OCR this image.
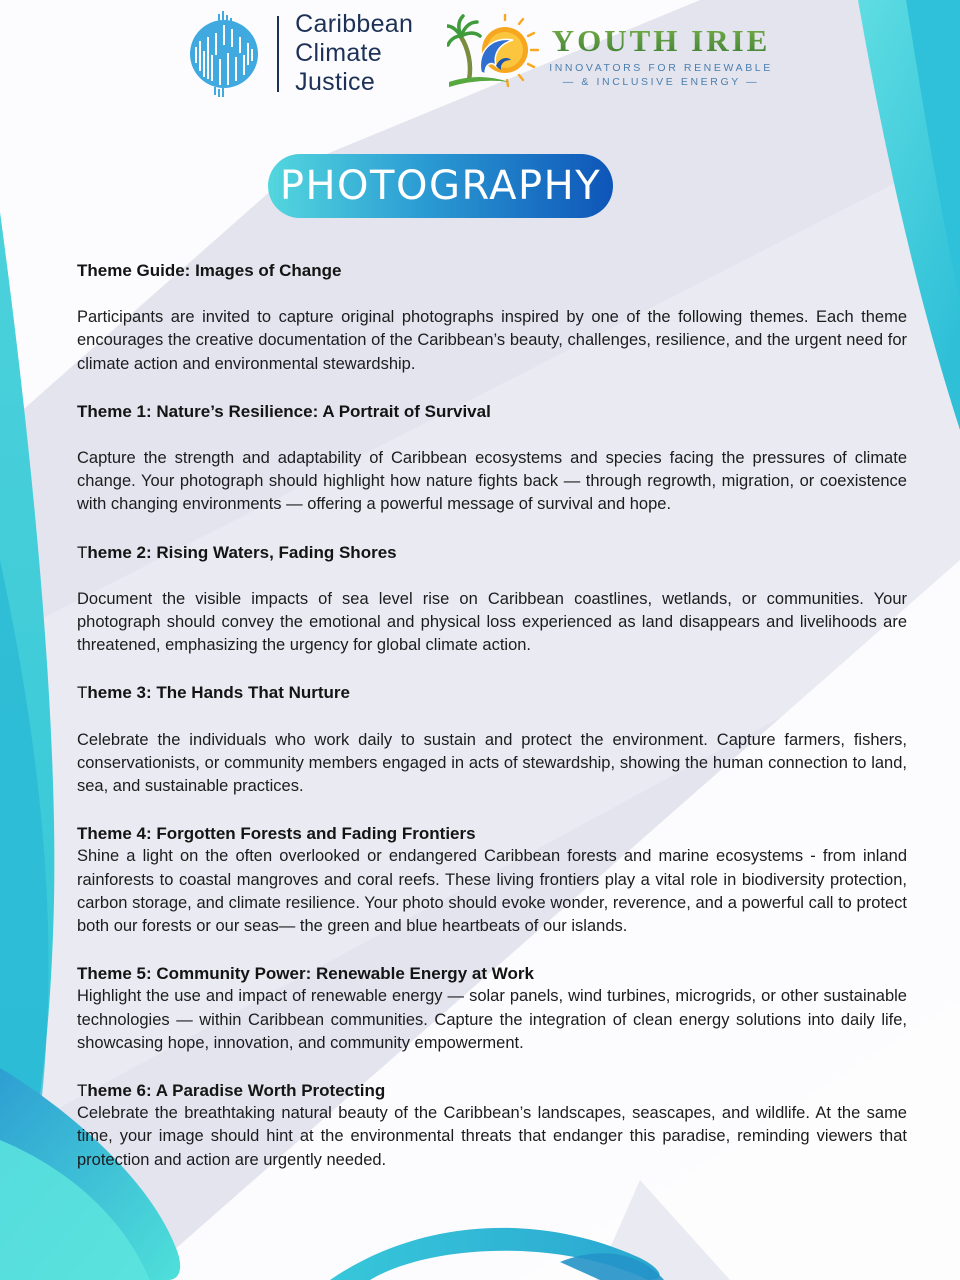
Caribbean
Climate
Justice
YOUTH IRIE
INNOVATORS FOR RENEWABLE
— & INCLUSIVE ENERGY —
PHOTOGRAPHY
Theme Guide: Images of Change

Participants are invited to capture original photographs inspired by one of the following themes. Each theme encourages the creative documentation of the Caribbean’s beauty, challenges, resilience, and the urgent need for climate action and environmental stewardship.

Theme 1: Nature’s Resilience: A Portrait of Survival

Capture the strength and adaptability of Caribbean ecosystems and species facing the pressures of climate change. Your photograph should highlight how nature fights back — through regrowth, migration, or coexistence with changing environments — offering a powerful message of survival and hope.

Theme 2: Rising Waters, Fading Shores

Document the visible impacts of sea level rise on Caribbean coastlines, wetlands, or communities. Your photograph should convey the emotional and physical loss experienced as land disappears and livelihoods are threatened, emphasizing the urgency for global climate action.

Theme 3: The Hands That Nurture

Celebrate the individuals who work daily to sustain and protect the environment. Capture farmers, fishers, conservationists, or community members engaged in acts of stewardship, showing the human connection to land, sea, and sustainable practices.

Theme 4: Forgotten Forests and Fading Frontiers

Shine a light on the often overlooked or endangered Caribbean forests and marine ecosystems - from inland rainforests to coastal mangroves and coral reefs. These living frontiers play a vital role in biodiversity protection, carbon storage, and climate resilience. Your photo should evoke wonder, reverence, and a powerful call to protect both our forests or our seas— the green and blue heartbeats of our islands.

Theme 5: Community Power: Renewable Energy at Work

Highlight the use and impact of renewable energy — solar panels, wind turbines, microgrids, or other sustainable technologies — within Caribbean communities. Capture the integration of clean energy solutions into daily life, showcasing hope, innovation, and community empowerment.

Theme 6: A Paradise Worth Protecting

Celebrate the breathtaking natural beauty of the Caribbean’s landscapes, seascapes, and wildlife. At the same time, your image should hint at the environmental threats that endanger this paradise, reminding viewers that protection and action are urgently needed.
